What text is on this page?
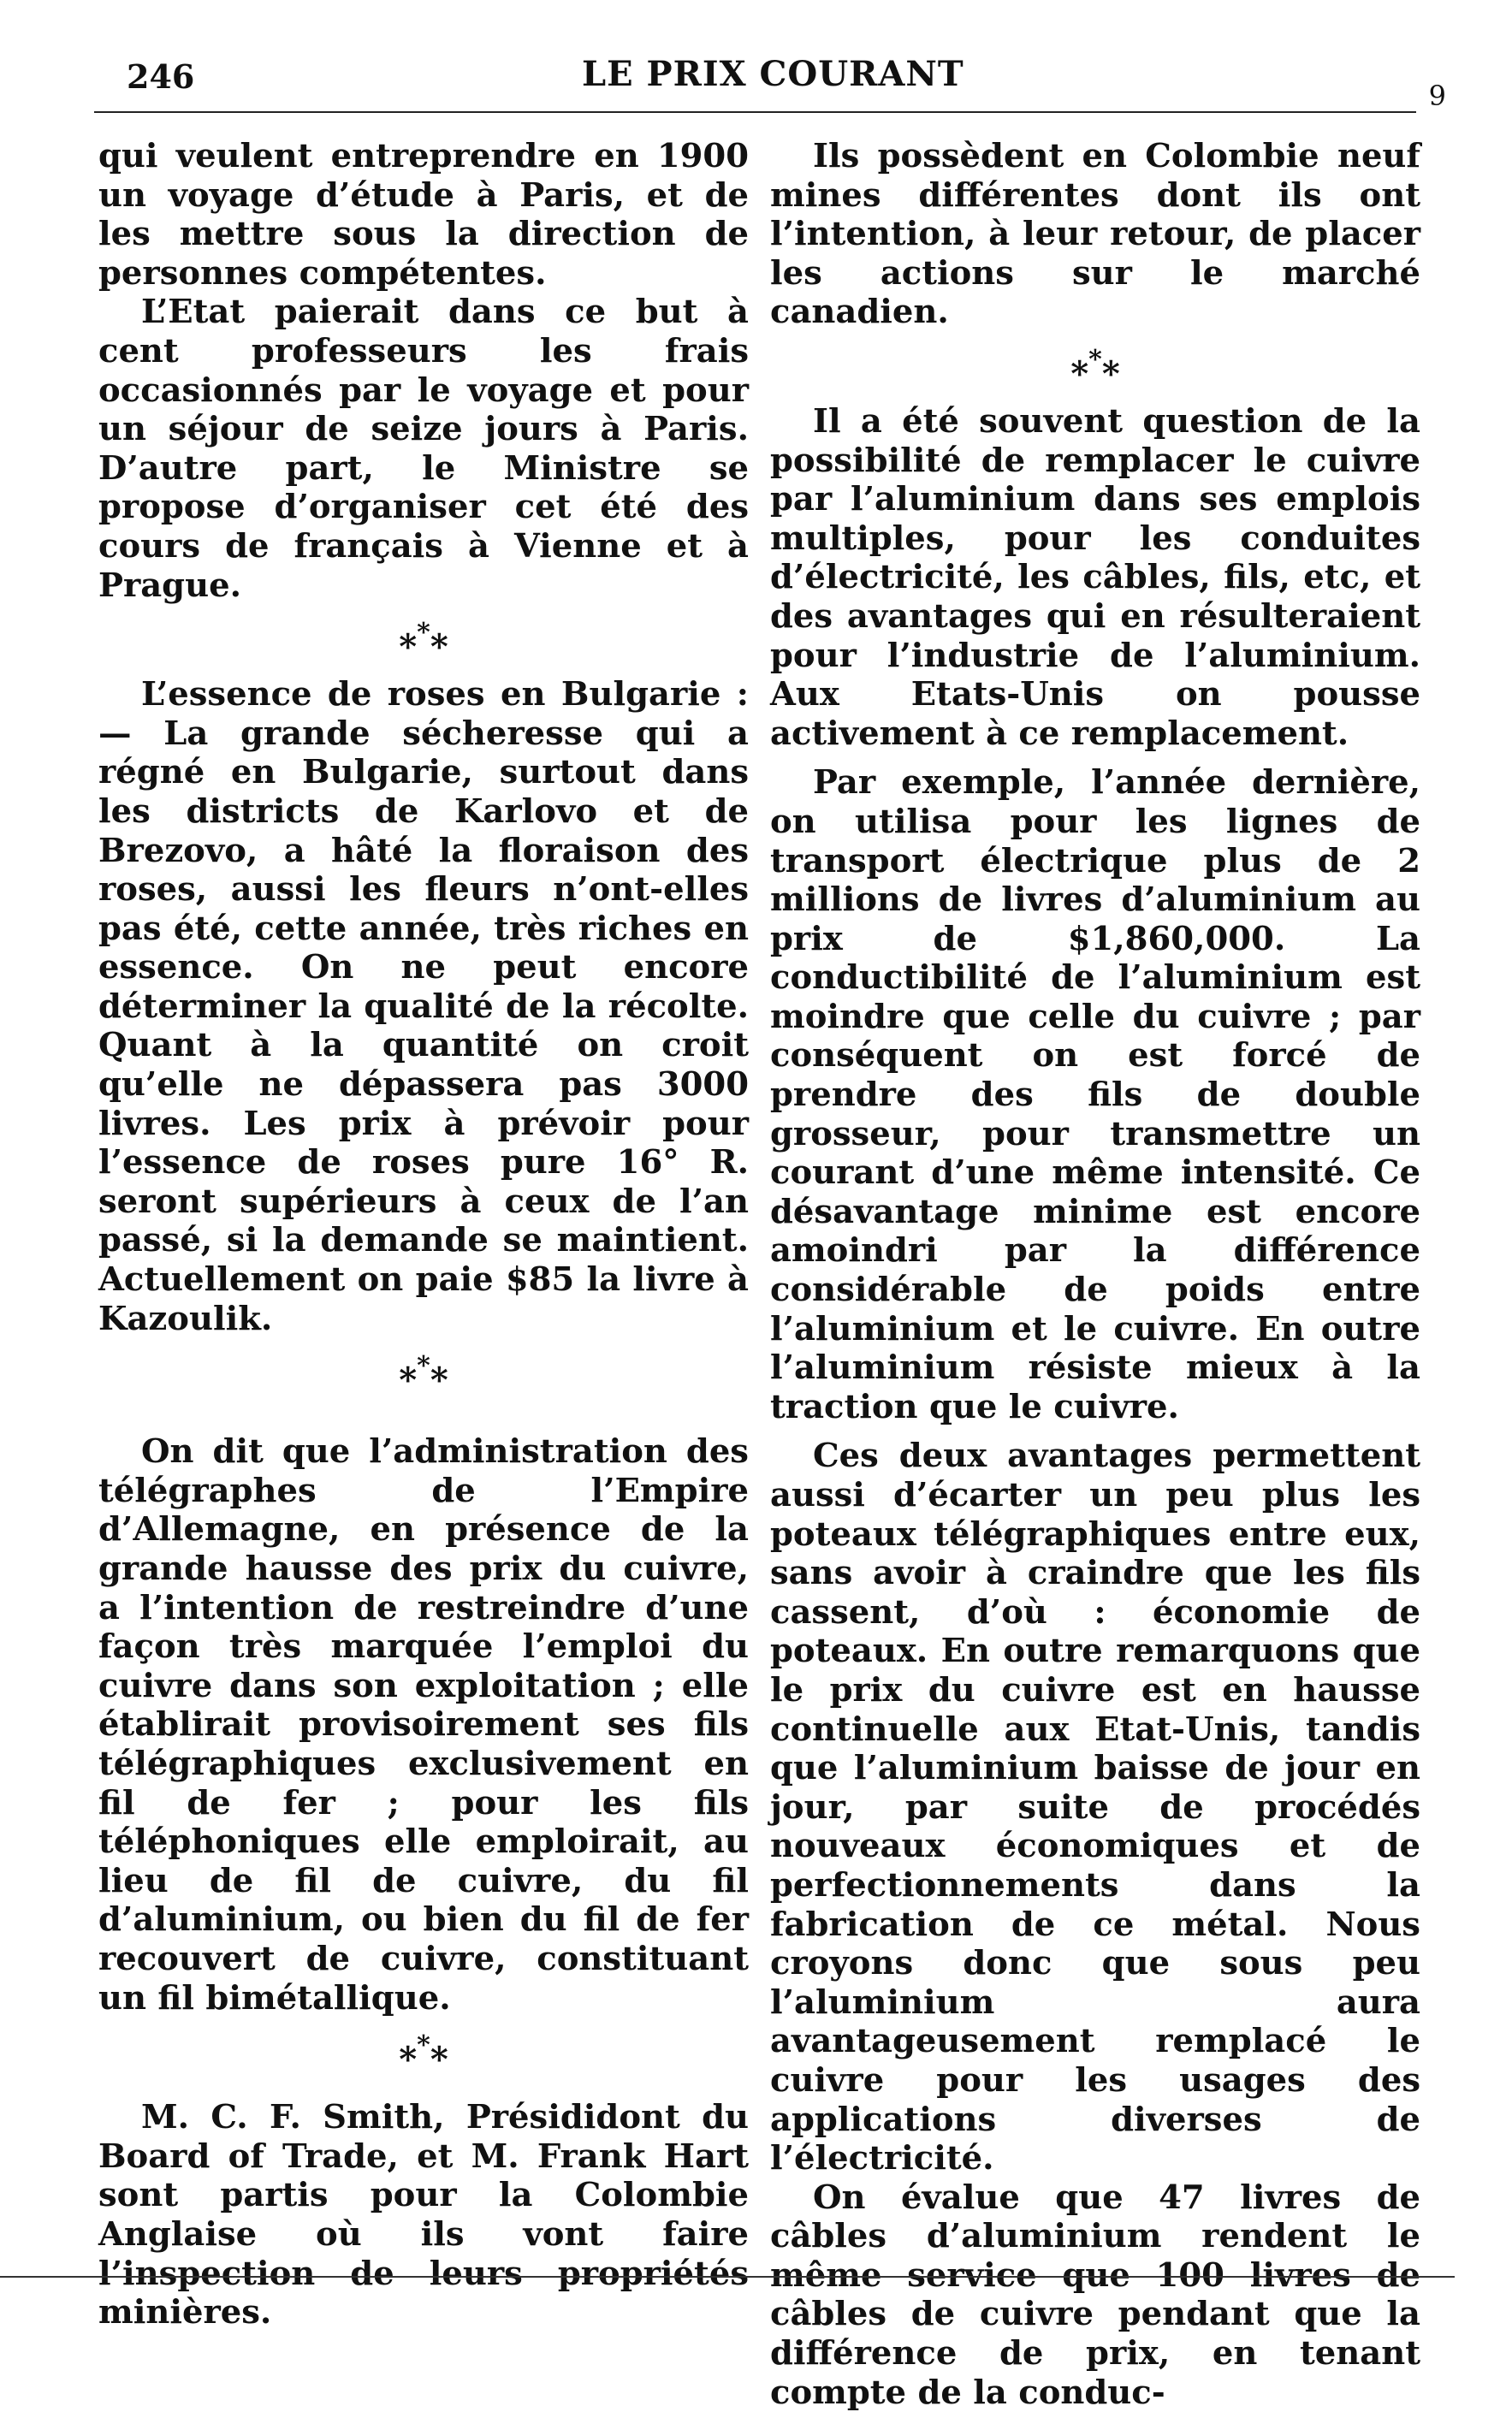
246	LE PRIX COURANT
9

qui veulent entreprendre en 1900 un voyage d’étude à Paris, et de les mettre sous la direction de personnes compétentes.

L’Etat paierait dans ce but à cent professeurs les frais occasionnés par le voyage et pour un séjour de seize jours à Paris. D’autre part, le Ministre se propose d’organiser cet été des cours de français à Vienne et à Prague.

***

L’essence de roses en Bulgarie : — La grande sécheresse qui a régné en Bulgarie, surtout dans les districts de Karlovo et de Brezovo, a hâté la floraison des roses, aussi les fleurs n’ont-elles pas été, cette année, très riches en essence. On ne peut encore déterminer la qualité de la récolte. Quant à la quantité on croit qu’elle ne dépassera pas 3000 livres. Les prix à prévoir pour l’essence de roses pure 16° R. seront supérieurs à ceux de l’an passé, si la demande se maintient. Actuellement on paie $85 la livre à Kazoulik.

***

On dit que l’administration des télégraphes de l’Empire d’Allemagne, en présence de la grande hausse des prix du cuivre, a l’intention de restreindre d’une façon très marquée l’emploi du cuivre dans son exploitation ; elle établirait provisoirement ses fils télégraphiques exclusivement en fil de fer ; pour les fils téléphoniques elle emploirait, au lieu de fil de cuivre, du fil d’aluminium, ou bien du fil de fer recouvert de cuivre, constituant un fil bimétallique.

***

M. C. F. Smith, Présididont du Board of Trade, et M. Frank Hart sont partis pour la Colombie Anglaise où ils vont faire l’inspection de leurs propriétés minières.

Ils possèdent en Colombie neuf mines différentes dont ils ont l’intention, à leur retour, de placer les actions sur le marché canadien.

***

Il a été souvent question de la possibilité de remplacer le cuivre par l’aluminium dans ses emplois multiples, pour les conduites d’électricité, les câbles, fils, etc, et des avantages qui en résulteraient pour l’industrie de l’aluminium. Aux Etats-Unis on pousse activement à ce remplacement.

Par exemple, l’année dernière, on utilisa pour les lignes de transport électrique plus de 2 millions de livres d’aluminium au prix de $1,860,000. La conductibilité de l’aluminium est moindre que celle du cuivre ; par conséquent on est forcé de prendre des fils de double grosseur, pour transmettre un courant d’une même intensité. Ce désavantage minime est encore amoindri par la différence considérable de poids entre l’aluminium et le cuivre. En outre l’aluminium résiste mieux à la traction que le cuivre.

Ces deux avantages permettent aussi d’écarter un peu plus les poteaux télégraphiques entre eux, sans avoir à craindre que les fils cassent, d’où : économie de poteaux. En outre remarquons que le prix du cuivre est en hausse continuelle aux Etat-Unis, tandis que l’aluminium baisse de jour en jour, par suite de procédés nouveaux économiques et de perfectionnements dans la fabrication de ce métal. Nous croyons donc que sous peu l’aluminium aura avantageusement remplacé le cuivre pour les usages des applications diverses de l’électricité.

On évalue que 47 livres de câbles d’aluminium rendent le même service que 100 livres de câbles de cuivre pendant que la différence de prix, en tenant compte de la conduc-
